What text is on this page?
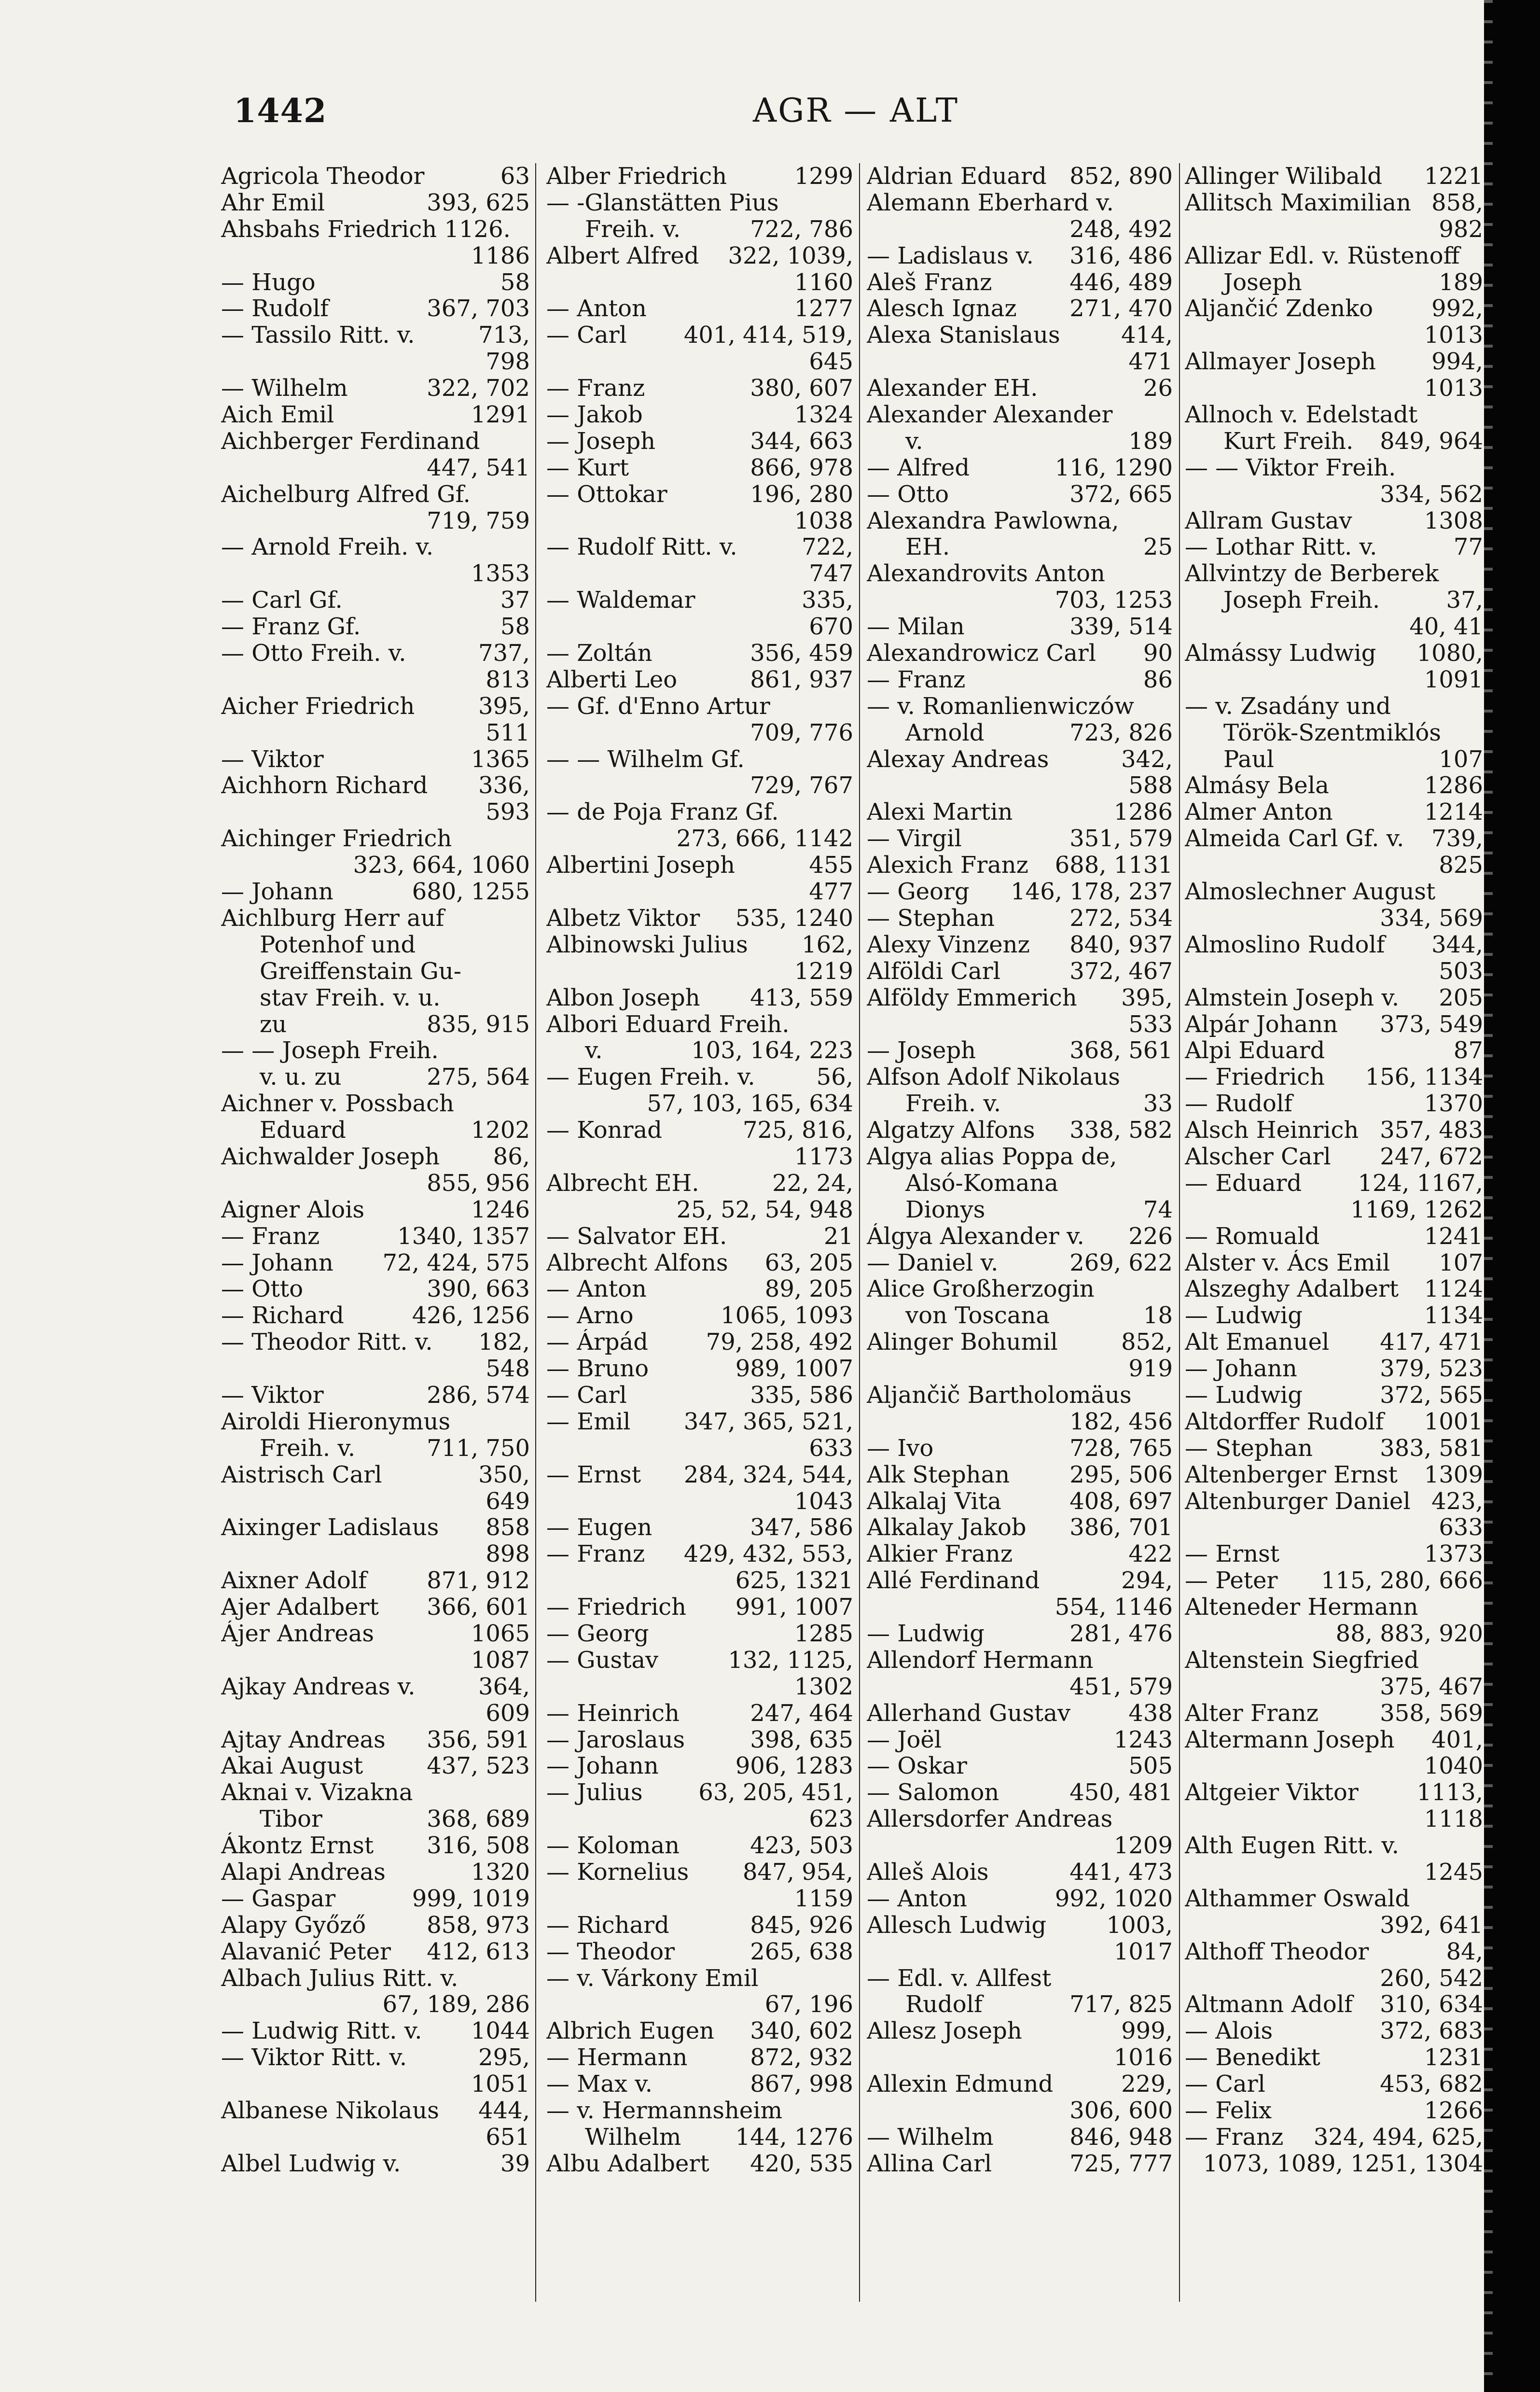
1442	AGR — ALT
Agricola Theodor	63
Ahr Emil	393, 625
Ahsbahs Friedrich 1126.
1186
— Hugo	58
— Rudolf	367, 703
— Tassilo Ritt. v.	713,
798
— Wilhelm	322, 702
Aich Emil	1291
Aichberger Ferdinand
447, 541
Aichelburg Alfred Gf.
719, 759
— Arnold Freih. v.
1353
— Carl Gf.	37
— Franz Gf.	58
— Otto Freih. v.	737,
813
Aicher Friedrich	395,
511
— Viktor	1365
Aichhorn Richard	336,
593
Aichinger Friedrich
323, 664, 1060
— Johann	680, 1255
Aichlburg Herr auf
Potenhof und
Greiffenstain Gu-
stav Freih. v. u.
zu	835, 915
— — Joseph Freih.
v. u. zu	275, 564
Aichner v. Possbach
Eduard	1202
Aichwalder Joseph	86,
855, 956
Aigner Alois	1246
— Franz	1340, 1357
— Johann	72, 424, 575
— Otto	390, 663
— Richard	426, 1256
— Theodor Ritt. v.	182,
548
— Viktor	286, 574
Airoldi Hieronymus
Freih. v.	711, 750
Aistrisch Carl	350,
649
Aixinger Ladislaus	858
898
Aixner Adolf	871, 912
Ajer Adalbert	366, 601
Ájer Andreas	1065
1087
Ajkay Andreas v.	364,
609
Ajtay Andreas	356, 591
Akai August	437, 523
Aknai v. Vizakna
Tibor	368, 689
Ákontz Ernst	316, 508
Alapi Andreas	1320
— Gaspar	999, 1019
Alapy Győző	858, 973
Alavanić Peter	412, 613
Albach Julius Ritt. v.
67, 189, 286
— Ludwig Ritt. v.	1044
— Viktor Ritt. v.	295,
1051
Albanese Nikolaus	444,
651
Albel Ludwig v.	39
Alber Friedrich	1299
— -Glanstätten Pius
Freih. v.	722, 786
Albert Alfred	322, 1039,
1160
— Anton	1277
— Carl	401, 414, 519,
645
— Franz	380, 607
— Jakob	1324
— Joseph	344, 663
— Kurt	866, 978
— Ottokar	196, 280
1038
— Rudolf Ritt. v.	722,
747
— Waldemar	335,
670
— Zoltán	356, 459
Alberti Leo	861, 937
— Gf. d'Enno Artur
709, 776
— — Wilhelm Gf.
729, 767
— de Poja Franz Gf.
273, 666, 1142
Albertini Joseph	455
477
Albetz Viktor	535, 1240
Albinowski Julius	162,
1219
Albon Joseph	413, 559
Albori Eduard Freih.
v.	103, 164, 223
— Eugen Freih. v.	56,
57, 103, 165, 634
— Konrad	725, 816,
1173
Albrecht EH.	22, 24,
25, 52, 54, 948
— Salvator EH.	21
Albrecht Alfons	63, 205
— Anton	89, 205
— Arno	1065, 1093
— Árpád	79, 258, 492
— Bruno	989, 1007
— Carl	335, 586
— Emil	347, 365, 521,
633
— Ernst	284, 324, 544,
1043
— Eugen	347, 586
— Franz	429, 432, 553,
625, 1321
— Friedrich	991, 1007
— Georg	1285
— Gustav	132, 1125,
1302
— Heinrich	247, 464
— Jaroslaus	398, 635
— Johann	906, 1283
— Julius	63, 205, 451,
623
— Koloman	423, 503
— Kornelius	847, 954,
1159
— Richard	845, 926
— Theodor	265, 638
— v. Várkony Emil
67, 196
Albrich Eugen	340, 602
— Hermann	872, 932
— Max v.	867, 998
— v. Hermannsheim
Wilhelm	144, 1276
Albu Adalbert	420, 535
Aldrian Eduard 852, 890
Alemann Eberhard v.
248, 492
— Ladislaus v.	316, 486
Aleš Franz	446, 489
Alesch Ignaz	271, 470
Alexa Stanislaus	414,
471
Alexander EH.	26
Alexander Alexander
v.	189
— Alfred	116, 1290
— Otto	372, 665
Alexandra Pawlowna,
EH.	25
Alexandrovits Anton
703, 1253
— Milan	339, 514
Alexandrowicz Carl	90
— Franz	86
— v. Romanlienwiczów
Arnold	723, 826
Alexay Andreas	342,
588
Alexi Martin	1286
— Virgil	351, 579
Alexich Franz	688, 1131
— Georg	146, 178, 237
— Stephan	272, 534
Alexy Vinzenz	840, 937
Alföldi Carl	372, 467
Alföldy Emmerich	395,
533
— Joseph	368, 561
Alfson Adolf Nikolaus
Freih. v.	33
Algatzy Alfons	338, 582
Algya alias Poppa de,
Alsó-Komana
Dionys	74
Álgya Alexander v.	226
— Daniel v.	269, 622
Alice Großherzogin
von Toscana	18
Alinger Bohumil	852,
919
Aljančič Bartholomäus
182, 456
— Ivo	728, 765
Alk Stephan	295, 506
Alkalaj Vita	408, 697
Alkalay Jakob	386, 701
Alkier Franz	422
Allé Ferdinand	294,
554, 1146
— Ludwig	281, 476
Allendorf Hermann
451, 579
Allerhand Gustav	438
— Joël	1243
— Oskar	505
— Salomon	450, 481
Allersdorfer Andreas
1209
Alleš Alois	441, 473
— Anton	992, 1020
Allesch Ludwig	1003,
1017
— Edl. v. Allfest
Rudolf	717, 825
Allesz Joseph	999,
1016
Allexin Edmund	229,
306, 600
— Wilhelm	846, 948
Allina Carl	725, 777
Allinger Wilibald	1221
Allitsch Maximilian 858,
982
Allizar Edl. v. Rüstenoff
Joseph	189
Aljančić Zdenko	992,
1013
Allmayer Joseph	994,
1013
Allnoch v. Edelstadt
Kurt Freih.	849, 964
— — Viktor Freih.
334, 562
Allram Gustav	1308
— Lothar Ritt. v.	77
Allvintzy de Berberek
Joseph Freih.	37,
40, 41
Almássy Ludwig	1080,
1091
— v. Zsadány und
Török-Szentmiklós
Paul	107
Almásy Bela	1286
Almer Anton	1214
Almeida Carl Gf. v.	739,
825
Almoslechner August
334, 569
Almoslino Rudolf	344,
503
Almstein Joseph v.	205
Alpár Johann	373, 549
Alpi Eduard	87
— Friedrich	156, 1134
— Rudolf	1370
Alsch Heinrich 357, 483
Alscher Carl	247, 672
— Eduard	124, 1167,
1169, 1262
— Romuald	1241
Alster v. Ács Emil	107
Alszeghy Adalbert	1124
— Ludwig	1134
Alt Emanuel	417, 471
— Johann	379, 523
— Ludwig	372, 565
Altdorffer Rudolf	1001
— Stephan	383, 581
Altenberger Ernst	1309
Altenburger Daniel 423,
633
— Ernst	1373
— Peter	115, 280, 666
Alteneder Hermann
88, 883, 920
Altenstein Siegfried
375, 467
Alter Franz	358, 569
Altermann Joseph	401,
1040
Altgeier Viktor	1113,
1118
Alth Eugen Ritt. v.
1245
Althammer Oswald
392, 641
Althoff Theodor	84,
260, 542
Altmann Adolf	310, 634
— Alois	372, 683
— Benedikt	1231
— Carl	453, 682
— Felix	1266
— Franz	324, 494, 625,
1073, 1089, 1251, 1304
